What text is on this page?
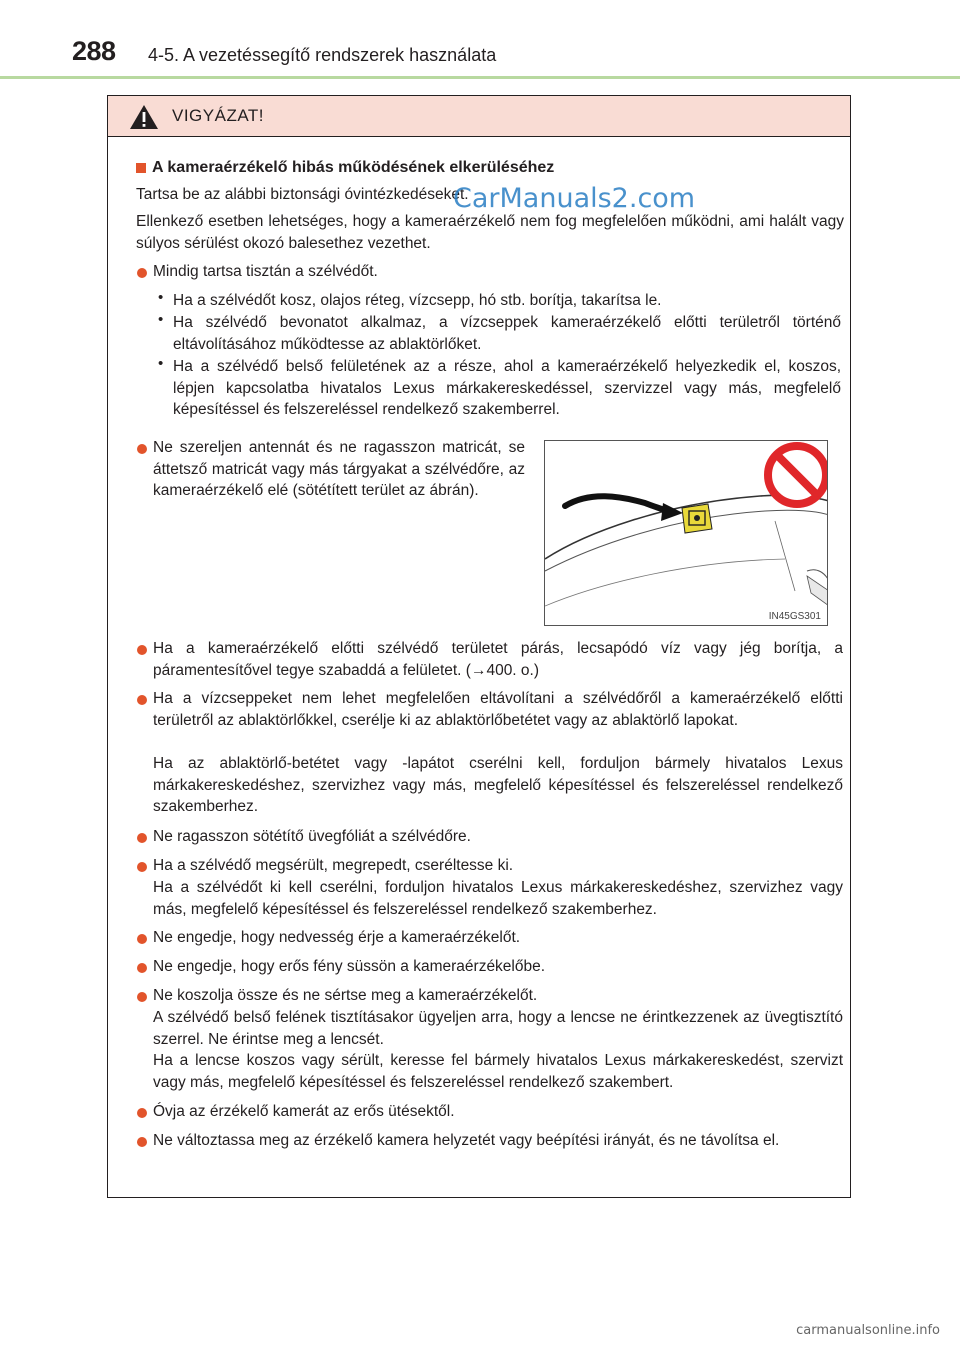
288 4-5. A vezetéssegítő rendszerek használata
VIGYÁZAT!
A kameraérzékelő hibás működésének elkerüléséhez
Tartsa be az alábbi biztonsági óvintézkedéseket.
Ellenkező esetben lehetséges, hogy a kameraérzékelő nem fog megfelelően működni, ami halált vagy súlyos sérülést okozó balesethez vezethet.
Mindig tartsa tisztán a szélvédőt.
• Ha a szélvédőt kosz, olajos réteg, vízcsepp, hó stb. borítja, takarítsa le.
• Ha szélvédő bevonatot alkalmaz, a vízcseppek kameraérzékelő előtti területről történő eltávolításához működtesse az ablaktörlőket.
• Ha a szélvédő belső felületének az a része, ahol a kameraérzékelő helyezkedik el, koszos, lépjen kapcsolatba hivatalos Lexus márkakereskedéssel, szervizzel vagy más, megfelelő képesítéssel és felszereléssel rendelkező szakemberrel.
Ne szereljen antennát és ne ragasszon matricát, se áttetsző matricát vagy más tárgyakat a szélvédőre, az kameraérzékelő elé (sötétített terület az ábrán).
IN45GS301
Ha a kameraérzékelő előtti szélvédő területet párás, lecsapódó víz vagy jég borítja, a páramentesítővel tegye szabaddá a felületet. (→400. o.)
Ha a vízcseppeket nem lehet megfelelően eltávolítani a szélvédőről a kameraérzékelő előtti területről az ablaktörlőkkel, cserélje ki az ablaktörlőbetétet vagy az ablaktörlő lapokat.
Ha az ablaktörlő-betétet vagy -lapátot cserélni kell, forduljon bármely hivatalos Lexus márkakereskedéshez, szervizhez vagy más, megfelelő képesítéssel és felszereléssel rendelkező szakemberhez.
Ne ragasszon sötétítő üvegfóliát a szélvédőre.
Ha a szélvédő megsérült, megrepedt, cseréltesse ki.
Ha a szélvédőt ki kell cserélni, forduljon hivatalos Lexus márkakereskedéshez, szervizhez vagy más, megfelelő képesítéssel és felszereléssel rendelkező szakemberhez.
Ne engedje, hogy nedvesség érje a kameraérzékelőt.
Ne engedje, hogy erős fény süssön a kameraérzékelőbe.
Ne koszolja össze és ne sértse meg a kameraérzékelőt.
A szélvédő belső felének tisztításakor ügyeljen arra, hogy a lencse ne érintkezzenek az üvegtisztító szerrel. Ne érintse meg a lencsét.
Ha a lencse koszos vagy sérült, keresse fel bármely hivatalos Lexus márkakereskedést, szervizt vagy más, megfelelő képesítéssel és felszereléssel rendelkező szakembert.
Óvja az érzékelő kamerát az erős ütésektől.
Ne változtassa meg az érzékelő kamera helyzetét vagy beépítési irányát, és ne távolítsa el.
CarManuals2.com
carmanualsonline.info
